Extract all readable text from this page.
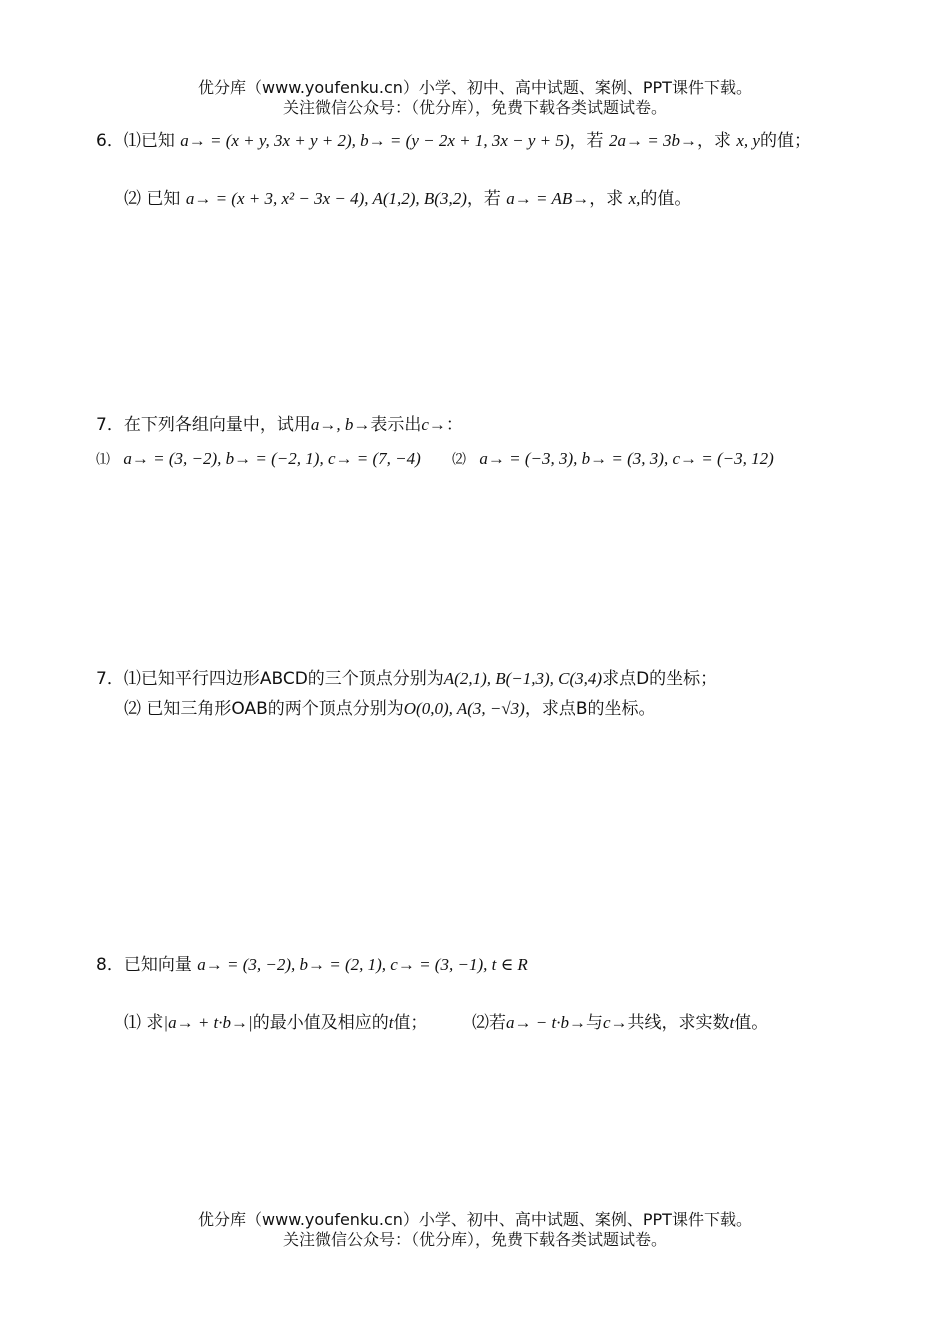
优分库（www.youfenku.cn）小学、初中、高中试题、案例、PPT课件下载。
关注微信公众号：（优分库），免费下载各类试题试卷。
6．⑴已知 a→ = (x + y, 3x + y + 2), b→ = (y − 2x + 1, 3x − y + 5)，若 2a→ = 3b→，求 x, y的值；
⑵ 已知 a→ = (x + 3, x² − 3x − 4), A(1,2), B(3,2)，若 a→ = AB→，求 x,的值。
7．在下列各组向量中，试用a→, b→表示出c→：
⑴ a→ = (3, −2), b→ = (−2, 1), c→ = (7, −4) ⑵ a→ = (−3, 3), b→ = (3, 3), c→ = (−3, 12)
7．⑴已知平行四边形ABCD的三个顶点分别为A(2,1), B(−1,3), C(3,4)求点D的坐标；
⑵ 已知三角形OAB的两个顶点分别为O(0,0), A(3, −√3)，求点B的坐标。
8．已知向量 a→ = (3, −2), b→ = (2, 1), c→ = (3, −1), t ∈ R
⑴ 求|a→ + t·b→|的最小值及相应的t值；	⑵若a→ − t·b→与c→共线，求实数t值。
优分库（www.youfenku.cn）小学、初中、高中试题、案例、PPT课件下载。
关注微信公众号：（优分库），免费下载各类试题试卷。
